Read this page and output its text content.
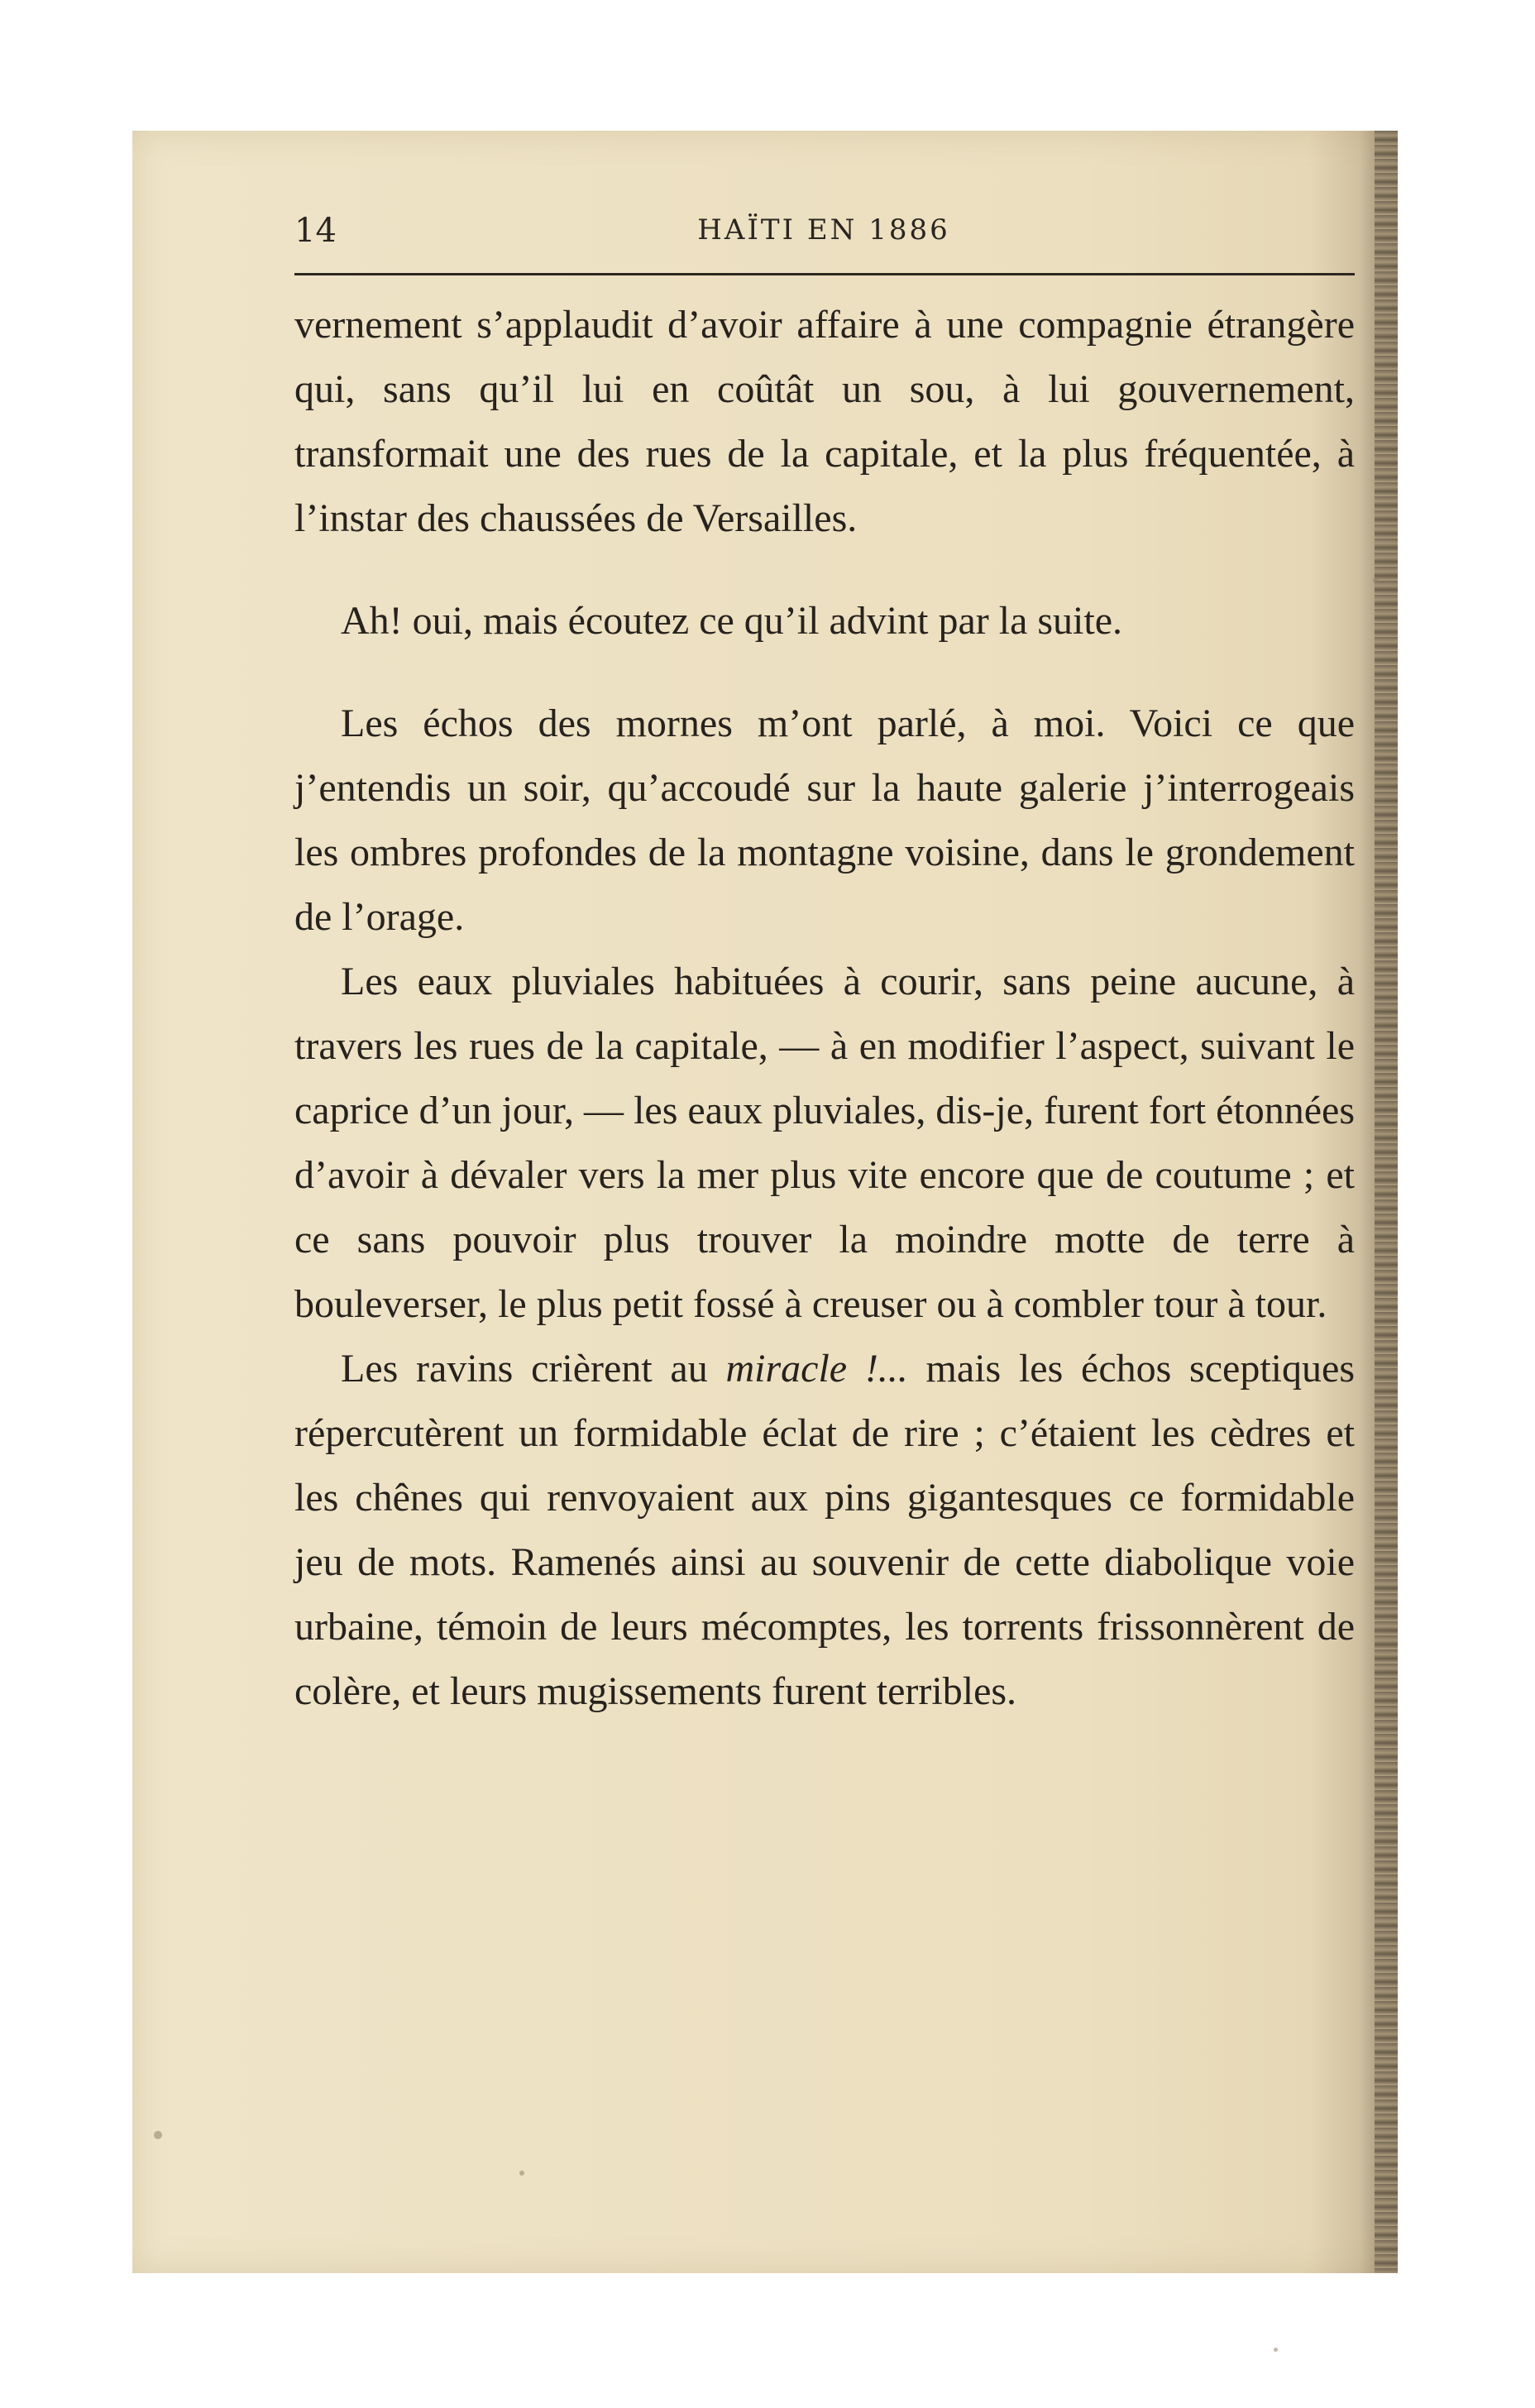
14	HAÏTI EN 1886

vernement s’applaudit d’avoir affaire à une compagnie étrangère qui, sans qu’il lui en coûtât un sou, à lui gouvernement, transformait une des rues de la capitale, et la plus fréquentée, à l’instar des chaussées de Versailles.

Ah! oui, mais écoutez ce qu’il advint par la suite.

Les échos des mornes m’ont parlé, à moi. Voici ce que j’entendis un soir, qu’accoudé sur la haute galerie j’interrogeais les ombres profondes de la montagne voisine, dans le grondement de l’orage.

Les eaux pluviales habituées à courir, sans peine aucune, à travers les rues de la capitale, — à en modifier l’aspect, suivant le caprice d’un jour, — les eaux pluviales, dis-je, furent fort étonnées d’avoir à dévaler vers la mer plus vite encore que de coutume ; et ce sans pouvoir plus trouver la moindre motte de terre à bouleverser, le plus petit fossé à creuser ou à combler tour à tour.

Les ravins crièrent au miracle !... mais les échos sceptiques répercutèrent un formidable éclat de rire ; c’étaient les cèdres et les chênes qui renvoyaient aux pins gigantesques ce formidable jeu de mots. Ramenés ainsi au souvenir de cette diabolique voie urbaine, témoin de leurs mécomptes, les torrents frissonnèrent de colère, et leurs mugissements furent terribles.
